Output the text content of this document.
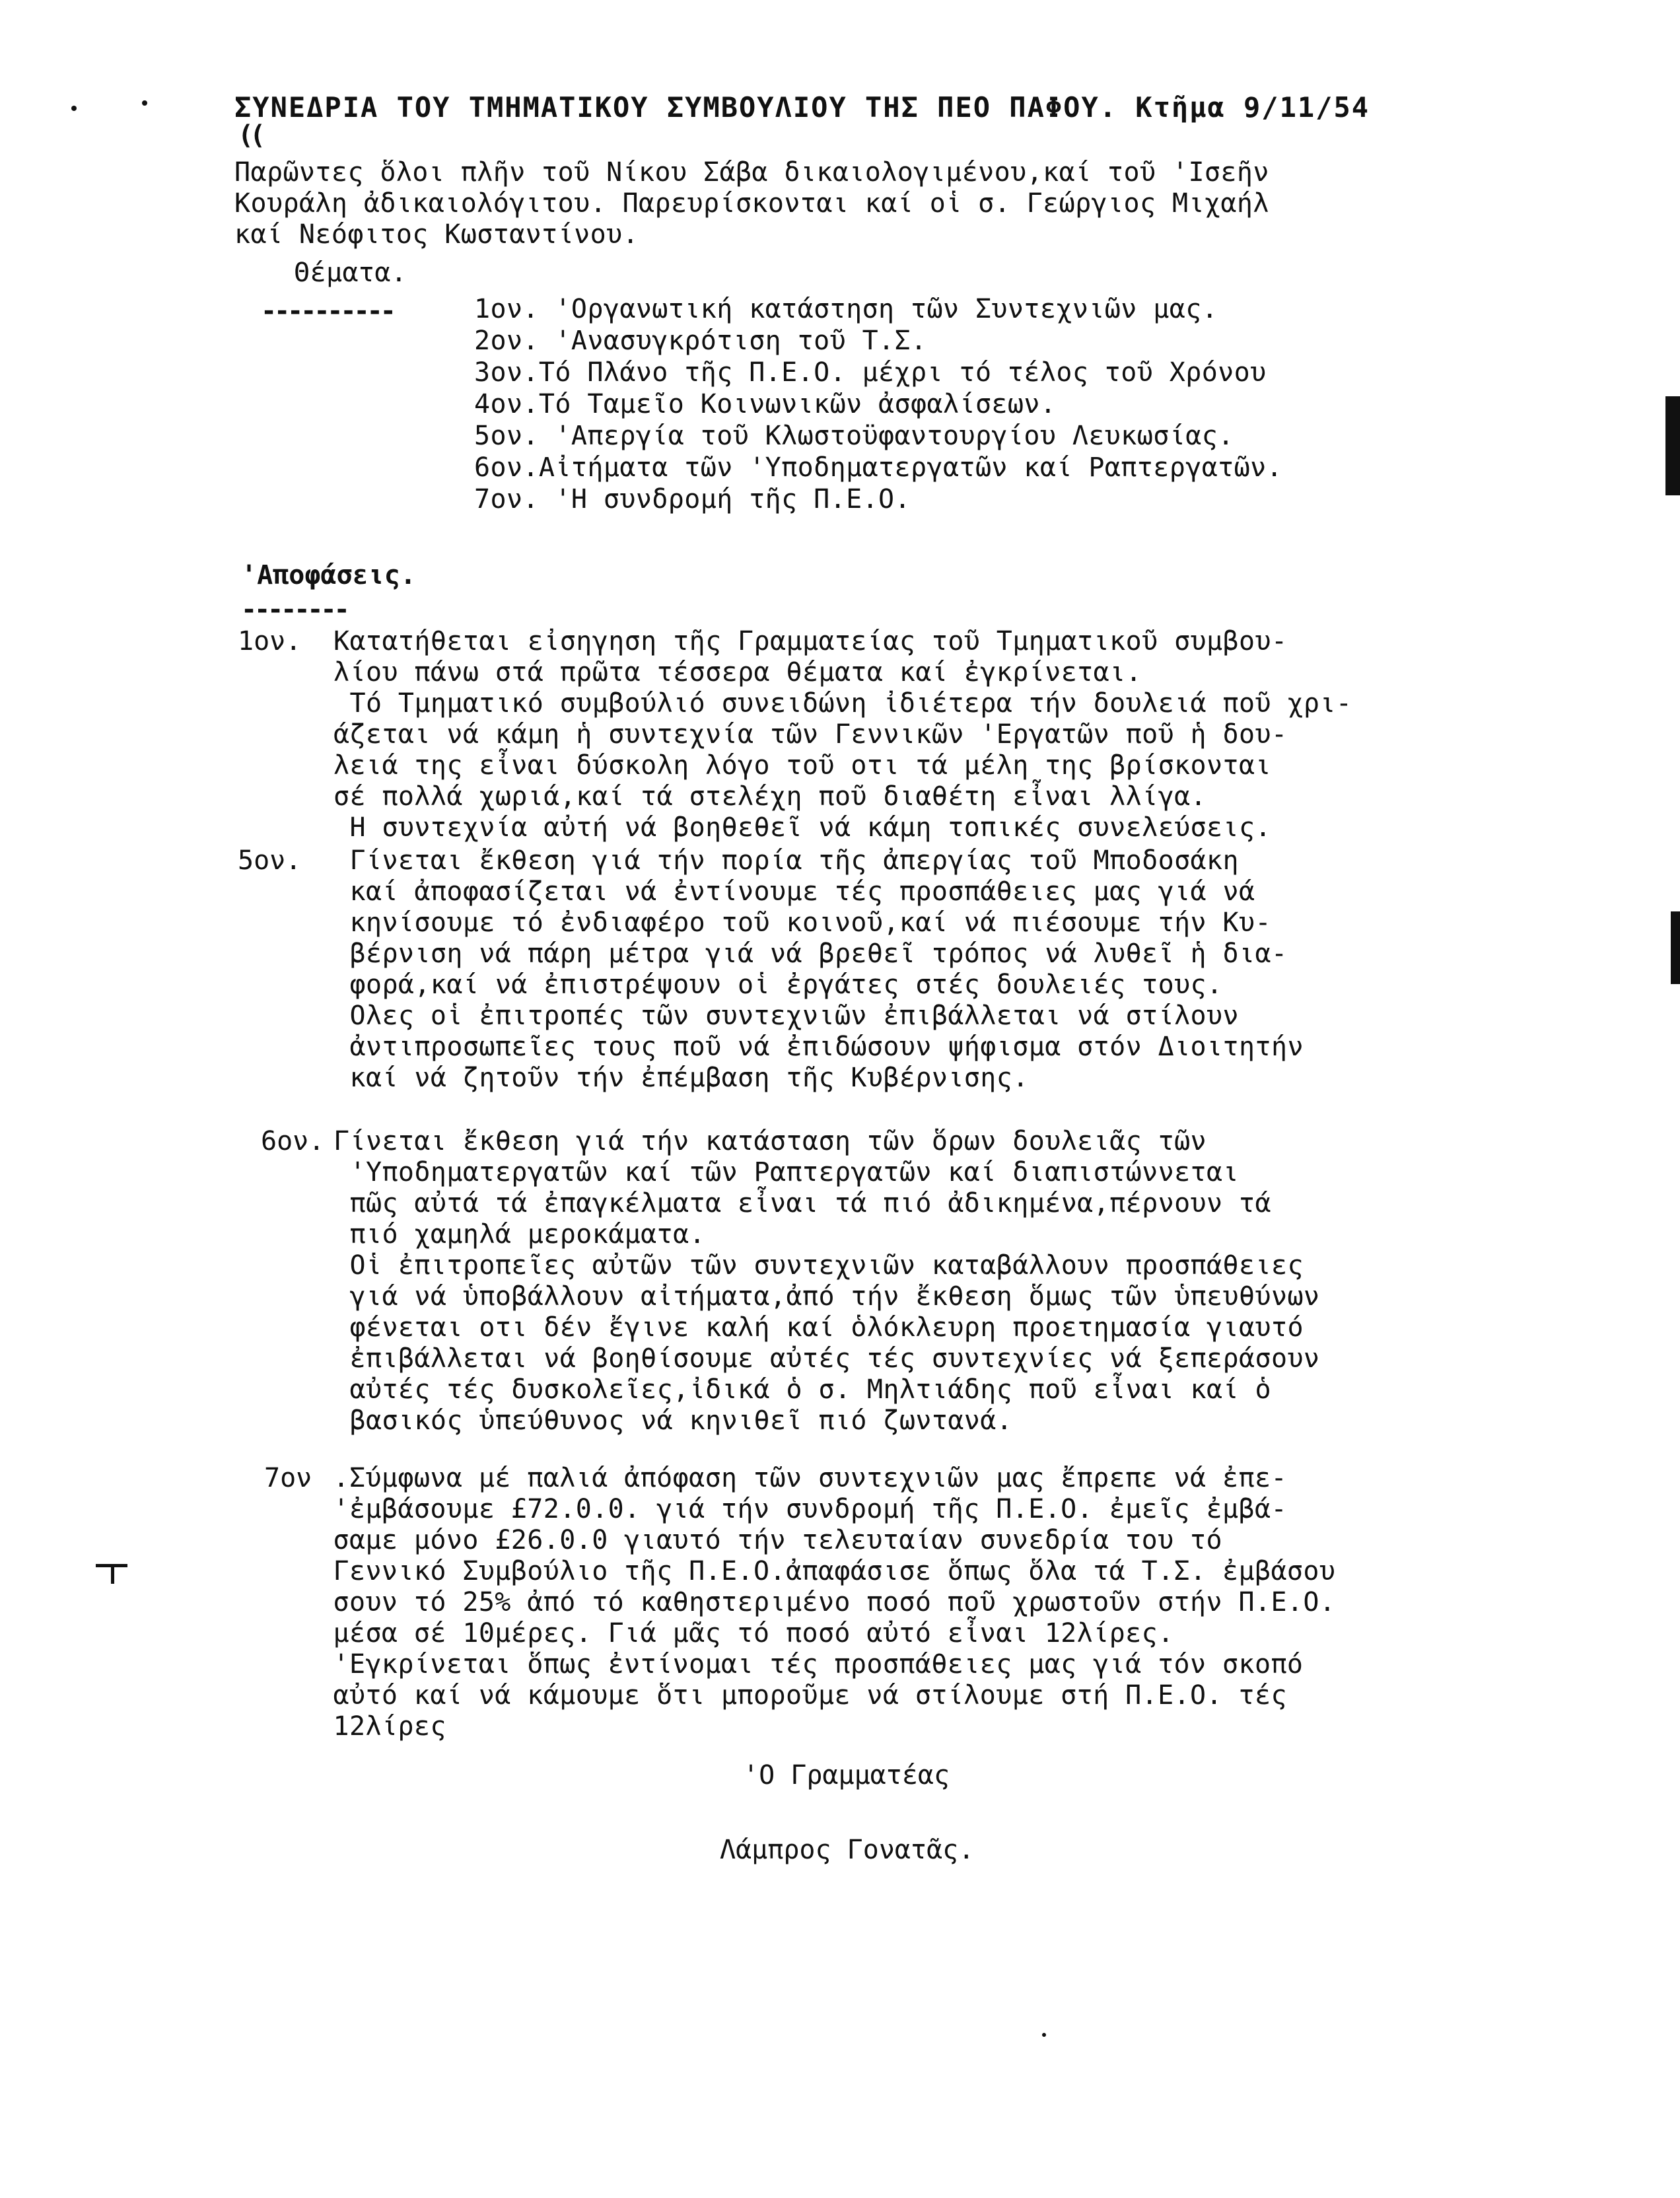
ΣΥΝΕΔΡΙΑ ΤΟΥ ΤΜΗΜΑΤΙΚΟΥ ΣΥΜΒΟΥΛΙΟΥ ΤΗΣ ΠΕΟ ΠΑΦΟΥ. Κτῆμα 9/11/54
((
Παρῶντες ὅλοι πλῆν τοῦ Νίκου Σάβα δικαιολογιμένου,καί τοῦ 'Ισεῆν
Κουράλη ἀδικαιολόγιτου. Παρευρίσκονται καί οἱ σ. Γεώργιος Μιχαήλ
καί Νεόφιτος Κωσταντίνου.
Θέματα.
----------	1ον. 'Οργανωτική κατάστηση τῶν Συντεχνιῶν μας.
2ον. 'Ανασυγκρότιση τοῦ Τ.Σ.
3ον.Τό Πλάνο τῆς Π.Ε.Ο. μέχρι τό τέλος τοῦ Χρόνου
4ον.Τό Ταμεῖο Κοινωνικῶν ἀσφαλίσεων.
5ον. 'Απεργία τοῦ Κλωστοϋφαντουργίου Λευκωσίας.
6ον.Αἰτήματα τῶν 'Υποδηματεργατῶν καί Ραπτεργατῶν.
7ον. 'Η συνδρομή τῆς Π.Ε.Ο.
'Αποφάσεις.
--------
1ον. Κατατήθεται εἰσηγηση τῆς Γραμματείας τοῦ Τμηματικοῦ συμβου-
λίου πάνω στά πρῶτα τέσσερα θέματα καί ἐγκρίνεται.
Τό Τμηματικό συμβούλιό συνειδώνη ἰδιέτερα τήν δουλειά ποῦ χρι-
άζεται νά κάμη ἡ συντεχνία τῶν Γεννικῶν 'Εργατῶν ποῦ ἡ δου-
λειά της εἶναι δύσκολη λόγο τοῦ οτι τά μέλη της βρίσκονται
σέ πολλά χωριά,καί τά στελέχη ποῦ διαθέτη εἶναι λλίγα.
Η συντεχνία αὐτή νά βοηθεθεῖ νά κάμη τοπικές συνελεύσεις.
5ον.	Γίνεται ἔκθεση γιά τήν πορία τῆς ἀπεργίας τοῦ Μποδοσάκη
καί ἀποφασίζεται νά ἐντίνουμε τές προσπάθειες μας γιά νά
κηνίσουμε τό ἐνδιαφέρο τοῦ κοινοῦ,καί νά πιέσουμε τήν Κυ-
βέρνιση νά πάρη μέτρα γιά νά βρεθεῖ τρόπος νά λυθεῖ ἡ δια-
φορά,καί νά ἐπιστρέψουν οἱ ἐργάτες στές δουλειές τους.
Ολες οἱ ἐπιτροπές τῶν συντεχνιῶν ἐπιβάλλεται νά στίλουν
ἀντιπροσωπεῖες τους ποῦ νά ἐπιδώσουν ψήφισμα στόν Διοιτητήν
καί νά ζητοῦν τήν ἐπέμβαση τῆς Κυβέρνισης.
6ον. Γίνεται ἔκθεση γιά τήν κατάσταση τῶν ὅρων δουλειᾶς τῶν
'Υποδηματεργατῶν καί τῶν Ραπτεργατῶν καί διαπιστώννεται
πῶς αὐτά τά ἐπαγκέλματα εἶναι τά πιό ἀδικημένα,πέρνουν τά
πιό χαμηλά μεροκάματα.
Οἱ ἐπιτροπεῖες αὐτῶν τῶν συντεχνιῶν καταβάλλουν προσπάθειες
γιά νά ὑποβάλλουν αἰτήματα,ἀπό τήν ἔκθεση ὅμως τῶν ὑπευθύνων
φένεται οτι δέν ἔγινε καλή καί ὁλόκλευρη προετημασία γιαυτό
ἐπιβάλλεται νά βοηθίσουμε αὐτές τές συντεχνίες νά ξεπεράσουν
αὐτές τές δυσκολεῖες,ἰδικά ὁ σ. Μηλτιάδης ποῦ εἶναι καί ὁ
βασικός ὑπεύθυνος νά κηνιθεῖ πιό ζωντανά.
7ον .Σύμφωνα μέ παλιά ἀπόφαση τῶν συντεχνιῶν μας ἔπρεπε νά ἐπε-
'ἐμβάσουμε £72.0.0. γιά τήν συνδρομή τῆς Π.Ε.Ο. ἐμεῖς ἐμβά-
σαμε μόνο £26.0.0 γιαυτό τήν τελευταίαν συνεδρία του τό
Γεννικό Συμβούλιο τῆς Π.Ε.Ο.ἀπαφάσισε ὅπως ὅλα τά Τ.Σ. ἐμβάσου
σουν τό 25% ἀπό τό καθηστεριμένο ποσό ποῦ χρωστοῦν στήν Π.Ε.Ο.
μέσα σέ 10μέρες. Γιά μᾶς τό ποσό αὐτό εἶναι 12λίρες.
'Εγκρίνεται ὅπως ἐντίνομαι τές προσπάθειες μας γιά τόν σκοπό
αὐτό καί νά κάμουμε ὅτι μποροῦμε νά στίλουμε στή Π.Ε.Ο. τές
12λίρες
'Ο Γραμματέας
Λάμπρος Γονατᾶς.
